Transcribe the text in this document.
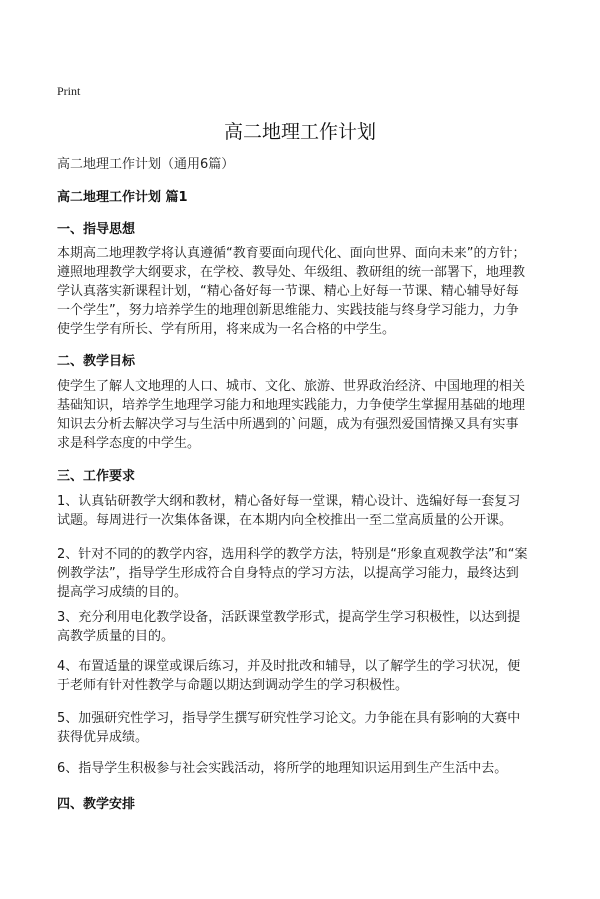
Print
高二地理工作计划

高二地理工作计划（通用6篇）

高二地理工作计划 篇1

一、指导思想

本期高二地理教学将认真遵循“教育要面向现代化、面向世界、面向未来”的方针；
遵照地理教学大纲要求，在学校、教导处、年级组、教研组的统一部署下，地理教
学认真落实新课程计划，“精心备好每一节课、精心上好每一节课、精心辅导好每
一个学生”，努力培养学生的地理创新思维能力、实践技能与终身学习能力，力争
使学生学有所长、学有所用，将来成为一名合格的中学生。

二、教学目标

使学生了解人文地理的人口、城市、文化、旅游、世界政治经济、中国地理的相关
基础知识，培养学生地理学习能力和地理实践能力，力争使学生掌握用基础的地理
知识去分析去解决学习与生活中所遇到的`问题，成为有强烈爱国情操又具有实事
求是科学态度的中学生。

三、工作要求

1、认真钻研教学大纲和教材，精心备好每一堂课，精心设计、选编好每一套复习
试题。每周进行一次集体备课，在本期内向全校推出一至二堂高质量的公开课。
2、针对不同的的教学内容，选用科学的教学方法，特别是“形象直观教学法”和“案
例教学法”，指导学生形成符合自身特点的学习方法，以提高学习能力，最终达到
提高学习成绩的目的。
3、充分利用电化教学设备，活跃课堂教学形式，提高学生学习积极性，以达到提
高教学质量的目的。
4、布置适量的课堂或课后练习，并及时批改和辅导，以了解学生的学习状况，便
于老师有针对性教学与命题以期达到调动学生的学习积极性。
5、加强研究性学习，指导学生撰写研究性学习论文。力争能在具有影响的大赛中
获得优异成绩。
6、指导学生积极参与社会实践活动，将所学的地理知识运用到生产生活中去。

四、教学安排
